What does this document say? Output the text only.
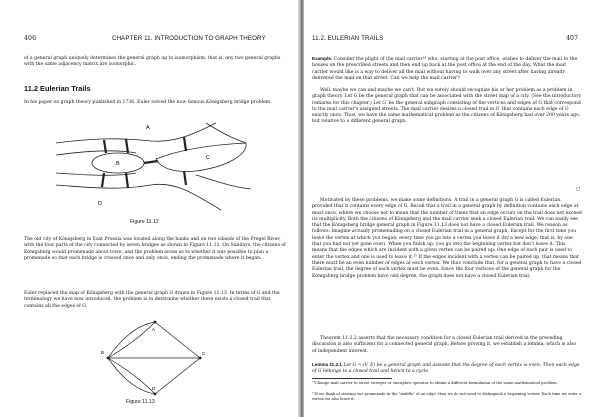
406	CHAPTER 11. INTRODUCTION TO GRAPH THEORY

of a general graph uniquely determines the general graph up to isomorphism; that is, any two general graphs with the same adjacency matrix are isomorphic.

11.2 Eulerian Trails

In his paper on graph theory published in 1736, Euler solved the now famous Königsberg bridge problem.

A
B
C
D
Figure 11.12

The old city of Königsberg in East Prussia was located along the banks and on two islands of the Pregel River, with the four parts of the city connected by seven bridges as shown in Figure 11.12. On Sundays, the citizens of Königsberg would promenade about town, and the problem arose as to whether it was possible to plan a promenade so that each bridge is crossed once and only once, ending the promenade where it began.

Euler replaced the map of Königsberg with the general graph G drawn in Figure 11.13. In terms of G and the terminology we have now introduced, the problem is to determine whether there exists a closed trail that contains all the edges of G.

A
B	C
D
Figure 11.13
11.2. EULERIAN TRAILS	407

Example. Consider the plight of the mail carrier¹⁴ who, starting at the post office, wishes to deliver the mail to the houses on the prescribed streets and then end up back at the post office at the end of the day. What the mail carrier would like is a way to deliver all the mail without having to walk over any street after having already delivered the mail on that street. Can we help the mail carrier?

Well, maybe we can and maybe we can't. But we surely should recognize his or her problem as a problem in graph theory. Let G be the general graph that can be associated with the street map of a city. (See the introductory remarks for this chapter.) Let G′ be the general subgraph consisting of the vertices and edges of G that correspond to the mail carrier's assigned streets. The mail carrier desires a closed trail in G′ that contains each edge of G′ exactly once. Thus, we have the same mathematical problem as the citizens of Königsberg had over 200 years ago, but relative to a different general graph.

□

Motivated by these problems, we make some definitions. A trail in a general graph G is called Eulerian, provided that it contains every edge of G. Recall that a trail in a general graph by definition contains each edge at most once, where we choose not to mean that the number of times that an edge occurs on the trail does not exceed its multiplicity. Both the citizens of Königsberg and the mail carrier seek a closed Eulerian trail. We can easily see that the Königsberg bridge general graph in Figure 11.13 does not have a closed Eulerian trail. We reason as follows: Imagine actually promenading on a closed Eulerian trail in a general graph. Except for the first time you leave the vertex at which you began, every time you go into a vertex you leave it (by a new edge; that is, by one that you had not yet gone over). When you finish up, you go into the beginning vertex but don't leave it. This means that the edges which are incident with a given vertex can be paired up: One edge of each pair is used to enter the vertex and one is used to leave it.¹⁵ If the edges incident with a vertex can be paired up, that means that there must be an even number of edges at each vertex. We thus conclude that, for a general graph to have a closed Eulerian trail, the degree of each vertex must be even. Since the four vertices of the general graph for the Königsberg bridge problem have odd degree, the graph does not have a closed Eulerian trail.

Theorem 11.2.2 asserts that the necessary condition for a closed Eulerian trail derived in the preceding discussion is also sufficient for a connected general graph. Before proving it, we establish a lemma, which is also of independent interest.

Lemma 11.2.1 Let G = (V, E) be a general graph and assume that the degree of each vertex is even. Then each edge of G belongs to a closed trail and hence to a cycle.

¹⁴Change mail carrier to street sweeper or snowplow operator to obtain a different formulation of the same mathematical problem.

¹⁵If we think of starting our promenade in the "middle" of an edge, then we do not need to distinguish a beginning vertex: Each time we enter a vertex we also leave it.
